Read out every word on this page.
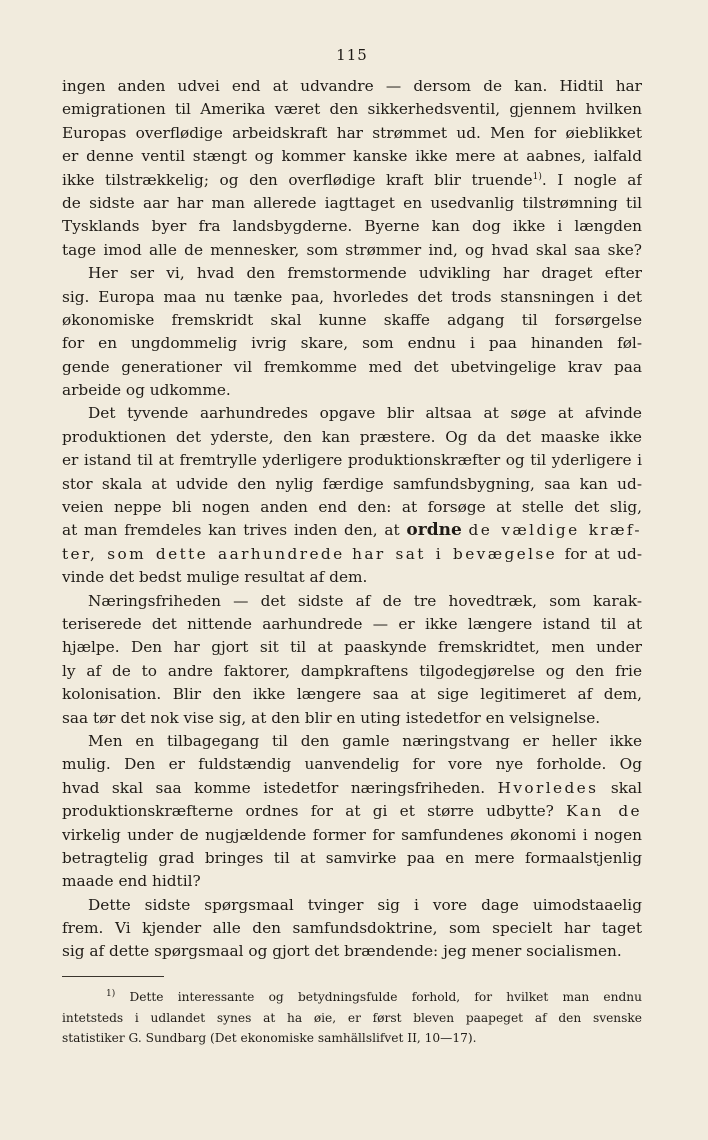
115
ingen anden udvei end at udvandre — dersom de kan. Hidtil har
emigrationen til Amerika været den sikkerhedsventil, gjennem hvilken
Europas overflødige arbeidskraft har strømmet ud. Men for øieblikket
er denne ventil stængt og kommer kanske ikke mere at aabnes, ialfald
ikke tilstrækkelig; og den overflødige kraft blir truende$^{1)}$. I nogle af
de sidste aar har man allerede iagttaget en usedvanlig tilstrømning til
Tysklands byer fra landsbygderne. Byerne kan dog ikke i længden
tage imod alle de mennesker, som strømmer ind, og hvad skal saa ske?
Her ser vi, hvad den fremstormende udvikling har draget efter
sig. Europa maa nu tænke paa, hvorledes det trods stansningen i det
økonomiske fremskridt skal kunne skaffe adgang til forsørgelse
for en ungdommelig ivrig skare, som endnu i paa hinanden føl-
gende generationer vil fremkomme med det ubetvingelige krav paa
arbeide og udkomme.
Det tyvende aarhundredes opgave blir altsaa at søge at afvinde
produktionen det yderste, den kan præstere. Og da det maaske ikke
er istand til at fremtrylle yderligere produktionskræfter og til yderligere i
stor skala at udvide den nylig færdige samfundsbygning, saa kan ud-
veien neppe bli nogen anden end den: at forsøge at stelle det slig,
at man fremdeles kan trives inden den, at ordne de vældige kræf-
ter, som dette aarhundrede har sat i bevægelse for at ud-
vinde det bedst mulige resultat af dem.
Næringsfriheden — det sidste af de tre hovedtræk, som karak-
teriserede det nittende aarhundrede — er ikke længere istand til at
hjælpe. Den har gjort sit til at paaskynde fremskridtet, men under
ly af de to andre faktorer, dampkraftens tilgodegjørelse og den frie
kolonisation. Blir den ikke længere saa at sige legitimeret af dem,
saa tør det nok vise sig, at den blir en uting istedetfor en velsignelse.
Men en tilbagegang til den gamle næringstvang er heller ikke
mulig. Den er fuldstændig uanvendelig for vore nye forholde. Og
hvad skal saa komme istedetfor næringsfriheden. Hvorledes skal
produktionskræfterne ordnes for at gi et større udbytte? Kan de
virkelig under de nugjældende former for samfundenes økonomi i nogen
betragtelig grad bringes til at samvirke paa en mere formaalstjenlig
maade end hidtil?
Dette sidste spørgsmaal tvinger sig i vore dage uimodstaaelig
frem. Vi kjender alle den samfundsdoktrine, som specielt har taget
sig af dette spørgsmaal og gjort det brændende: jeg mener socialismen.
$^{1)}$ Dette interessante og betydningsfulde forhold, for hvilket man endnu
intetsteds i udlandet synes at ha øie, er først bleven paapeget af den svenske
statistiker G. Sundbarg (Det ekonomiske samhällslifvet II, 10—17).
